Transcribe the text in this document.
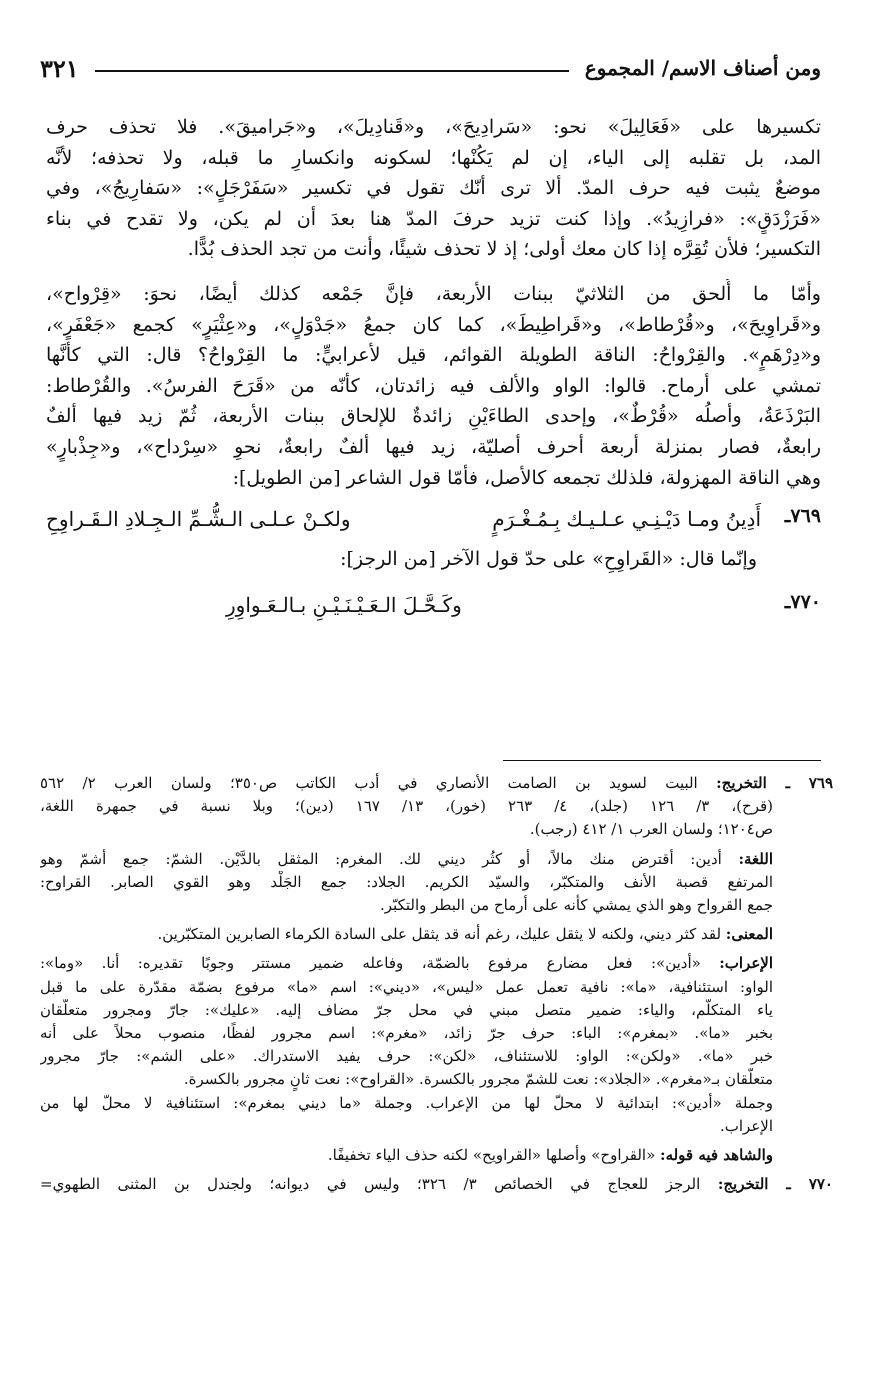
ومن أصناف الاسم/ المجموع
٣٢١
تكسيرها على «فَعَالِيلَ» نحو: «سَرادِيحَ»، و«قَنادِيلَ»، و«جَراميقَ». فلا تحذف حرف
المد، بل تقلبه إلى الياء، إن لم يَكُنْها؛ لسكونه وانكسارِ ما قبله، ولا تحذفه؛ لأنَّه
موضعٌ يثبت فيه حرف المدّ. ألا ترى أنّك تقول في تكسير «سَفَرْجَلٍ»: «سَفارِيجُ»، وفي
«فَرَزْدَقٍ»: «فرازِيدُ». وإذا كنت تزيد حرفَ المدّ هنا بعدَ أن لم يكن، ولا تقدح في بناء
التكسير؛ فلأن تُقِرَّه إذا كان معك أولى؛ إذ لا تحذف شيئًا، وأنت من تجد الحذف بُدًّا.
وأمّا ما أُلحق من الثلاثيّ ببنات الأربعة، فإنَّ جَمْعه كذلك أيضًا، نحوَ: «قِرْواح»،
و«قَراوِيحَ»، و«قُرْطاط»، و«قَراطِيطَ»، كما كان جمعُ «جَدْوَلٍ»، و«عِثْيَرٍ» كجمع «جَعْفَرٍ»،
و«دِرْهَمٍ». والقِرْواحُ: الناقة الطويلة القوائم، قيل لأعرابيٍّ: ما القِرْواحُ؟ قال: التي كأنَّها
تمشي على أرماح. قالوا: الواو والألف فيه زائدتان، كأنّه من «قَرَحَ الفرسُ». والقُرْطاط:
البَرْذَعَةُ، وأصلُه «قُرْطٌ»، وإحدى الطاءَيْنِ زائدةٌ للإلحاق ببنات الأربعة، ثُمّ زيد فيها ألفٌ
رابعةٌ، فصار بمنزلة أربعة أحرف أصليّة، زيد فيها ألفٌ رابعةٌ، نحوِ «سِرْداح»، و«جِذْبارٍ»
وهي الناقة المهزولة، فلذلك تجمعه كالأصل، فأمّا قول الشاعر [من الطويل]:
٧٦٩ـ
أَدِينُ ومـا دَيْـنِـي عـلـيـك بِـمُـغْـرَمٍ
ولكـنْ عـلـى الـشُّـمِّ الـجِـلادِ الـقَـراوِحِ
وإنّما قال: «القَراوِحِ» على حدّ قول الآخر [من الرجز]:
٧٧٠ـ
وكَـحَّـلَ الـعَـيْـنَـيْـنِ بـالـعَـواوِرِ
٧٦٩ ـ التخريج: البيت لسويد بن الصامت الأنصاري في أدب الكاتب ص٣٥٠؛ ولسان العرب ٢/ ٥٦٢
(قرح)، ٣/ ١٢٦ (جلد)، ٤/ ٢٦٣ (خور)، ١٣/ ١٦٧ (دين)؛ وبلا نسبة في جمهرة اللغة،
ص١٢٠٤؛ ولسان العرب ١/ ٤١٢ (رجب).
اللغة: أدين: أقترض منك مالاً، أو كثُر ديني لك. المغرم: المثقل بالدَّيْن. الشمّ: جمع أشمّ وهو
المرتفع قصبة الأنف والمتكبّر، والسيّد الكريم. الجلاد: جمع الجَلْد وهو القوي الصابر. القراوح:
جمع القرواح وهو الذي يمشي كأنه على أرماح من البطر والتكبّر.
المعنى: لقد كثر ديني، ولكنه لا يثقل عليك، رغم أنه قد يثقل على السادة الكرماء الصابرين المتكبّرين.
الإعراب: «أدين»: فعل مضارع مرفوع بالضمّة، وفاعله ضمير مستتر وجوبًا تقديره: أنا. «وما»:
الواو: استئنافية، «ما»: نافية تعمل عمل «ليس»، «ديني»: اسم «ما» مرفوع بضمّة مقدّرة على ما قبل
ياء المتكلّم، والياء: ضمير متصل مبني في محل جرّ مضاف إليه. «عليك»: جارّ ومجرور متعلّقان
بخبر «ما». «بمغرم»: الباء: حرف جرّ زائد، «مغرم»: اسم مجرور لفظًا، منصوب محلاً على أنه
خبر «ما». «ولكن»: الواو: للاستئناف، «لكن»: حرف يفيد الاستدراك. «على الشم»: جارّ مجرور
متعلّقان بـ«مغرم». «الجلاد»: نعت للشمّ مجرور بالكسرة. «القراوح»: نعت ثانٍ مجرور بالكسرة.
وجملة «أدين»: ابتدائية لا محلّ لها من الإعراب. وجملة «ما ديني بمغرم»: استئنافية لا محلّ لها من
الإعراب.
والشاهد فيه قوله: «القراوح» وأصلها «القراويح» لكنه حذف الياء تخفيفًا.
٧٧٠ ـ التخريج: الرجز للعجاج في الخصائص ٣/ ٣٢٦؛ وليس في ديوانه؛ ولجندل بن المثنى الطهوي=
